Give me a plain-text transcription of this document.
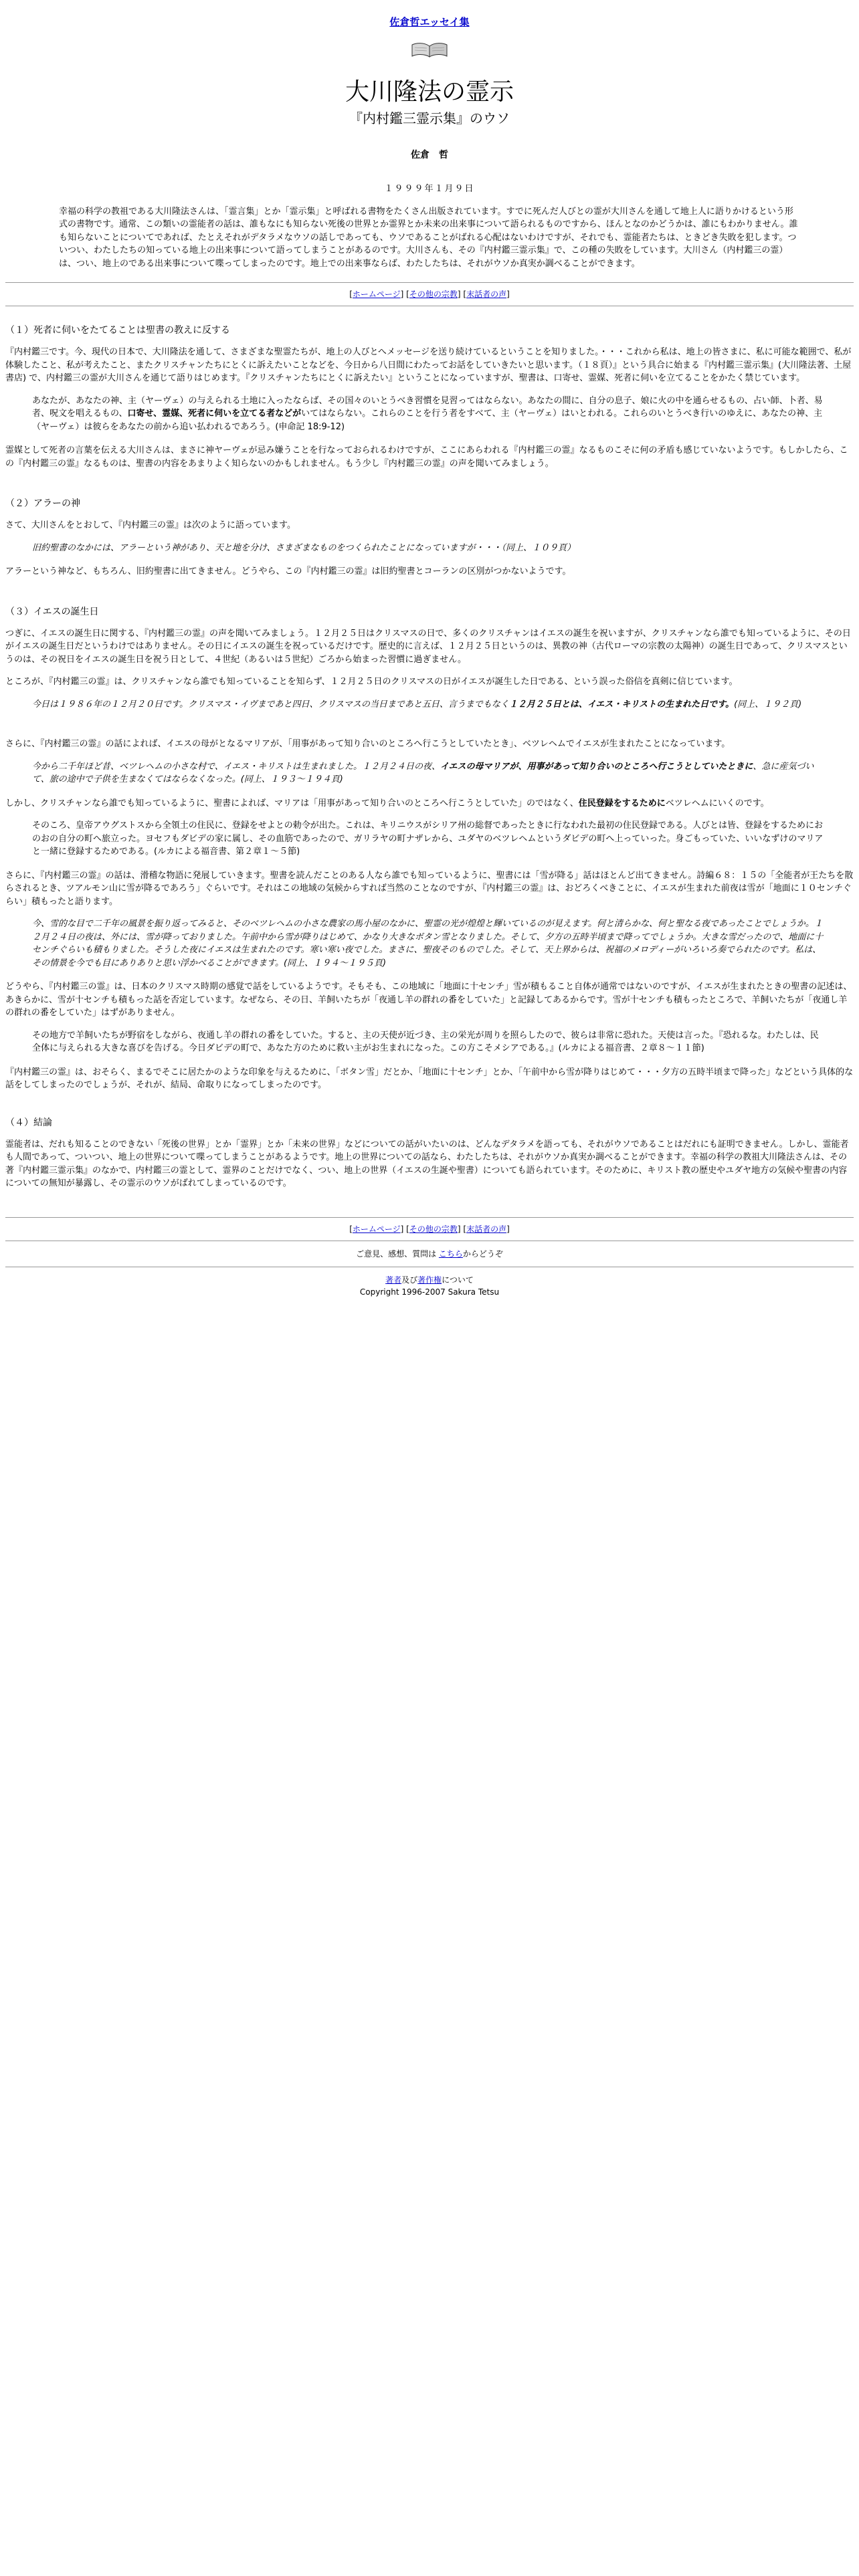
佐倉哲エッセイ集
大川隆法の霊示
『内村鑑三霊示集』のウソ
佐倉　哲
１９９９年１月９日
幸福の科学の教祖である大川隆法さんは、「霊言集」とか「霊示集」と呼ばれる書物をたくさん出版されています。すでに死んだ人びとの霊が大川さんを通して地上人に語りかけるという形式の書物です。通常、この類いの霊能者の話は、誰もなにも知らない死後の世界とか霊界とか未来の出来事について語られるものですから、ほんとなのかどうかは、誰にもわかりません。誰も知らないことについてであれば、たとえそれがデタラメなウソの話しであっても、ウソであることがばれる心配はないわけですが、それでも、霊能者たちは、ときどき失敗を犯します。ついつい、わたしたちの知っている地上の出来事について語ってしまうことがあるのです。大川さんも、その『内村鑑三霊示集』で、この種の失敗をしています。大川さん（内村鑑三の霊）は、つい、地上のである出来事について喋ってしまったのです。地上での出来事ならば、わたしたちは、それがウソか真実か調べることができます。
[ホームページ] [その他の宗教] [末話者の声]
（１）死者に伺いをたてることは聖書の教えに反する

『内村鑑三です。今、現代の日本で、大川隆法を通して、さまざまな聖霊たちが、地上の人びとへメッセージを送り続けているということを知りました。・・・これから私は、地上の皆さまに、私に可能な範囲で、私が体験したこと、私が考えたこと、またクリスチャンたちにとくに訴えたいことなどを、今日から八日間にわたってお話をしていきたいと思います。（１８頁）』という具合に始まる『内村鑑三霊示集』(大川隆法著、土屋書店) で、内村鑑三の霊が大川さんを通じて語りはじめます。『クリスチャンたちにとくに訴えたい』ということになっていますが、聖書は、口寄せ、霊媒、死者に伺いを立てることをかたく禁じています。

あなたが、あなたの神、主（ヤーヴェ）の与えられる土地に入ったならば、その国々のいとうべき習慣を見習ってはならない。あなたの間に、自分の息子、娘に火の中を通らせるもの、占い師、卜者、易者、呪文を唱えるもの、口寄せ、霊媒、死者に伺いを立てる者などがいてはならない。これらのことを行う者をすべて、主（ヤーヴェ）はいとわれる。これらのいとうべき行いのゆえに、あなたの神、主（ヤーヴェ）は彼らをあなたの前から追い払われるであろう。(申命記 18:9-12)

霊媒として死者の言葉を伝える大川さんは、まさに神ヤーヴェが忌み嫌うことを行なっておられるわけですが、ここにあらわれる『内村鑑三の霊』なるものこそに何の矛盾も感じていないようです。もしかしたら、この『内村鑑三の霊』なるものは、聖書の内容をあまりよく知らないのかもしれません。もう少し『内村鑑三の霊』の声を聞いてみましょう。

（２）アラーの神

さて、大川さんをとおして、『内村鑑三の霊』は次のように語っています。

旧約聖書のなかには、アラーという神があり、天と地を分け、さまざまなものをつくられたことになっていますが・・・（同上、１０９頁）

アラーという神など、もちろん、旧約聖書に出てきません。どうやら、この『内村鑑三の霊』は旧約聖書とコーランの区別がつかないようです。

（３）イエスの誕生日

つぎに、イエスの誕生日に関する、『内村鑑三の霊』の声を聞いてみましょう。１２月２５日はクリスマスの日で、多くのクリスチャンはイエスの誕生を祝いますが、クリスチャンなら誰でも知っているように、その日がイエスの誕生日だというわけではありません。その日にイエスの誕生を祝っているだけです。歴史的に言えば、１２月２５日というのは、異教の神（古代ローマの宗教の太陽神）の誕生日であって、クリスマスというのは、その祝日をイエスの誕生日を祝う日として、４世紀（あるいは５世紀）ごろから始まった習慣に過ぎません。

ところが、『内村鑑三の霊』は、クリスチャンなら誰でも知っていることを知らず、１２月２５日のクリスマスの日がイエスが誕生した日である、という誤った俗信を真剣に信じています。

今日は１９８６年の１２月２０日です。クリスマス・イヴまであと四日、クリスマスの当日まであと五日、言うまでもなく１２月２５日とは、イエス・キリストの生まれた日です。(同上、１９２頁)

さらに、『内村鑑三の霊』の話によれば、イエスの母がとなるマリアが、「用事があって知り合いのところへ行こうとしていたとき」、ベツレヘムでイエスが生まれたことになっています。

今から二千年ほど昔、ベツレヘムの小さな村で、イエス・キリストは生まれました。１２月２４日の夜、イエスの母マリアが、用事があって知り合いのところへ行こうとしていたときに、急に産気づいて、旅の途中で子供を生まなくてはならなくなった。(同上、１９３～１９４頁)

しかし、クリスチャンなら誰でも知っているように、聖書によれば、マリアは「用事があって知り合いのところへ行こうとしていた」のではなく、住民登録をするためにベツレヘムにいくのです。

そのころ、皇帝アウグストスから全領土の住民に、登録をせよとの勅令が出た。これは、キリニウスがシリア州の総督であったときに行なわれた最初の住民登録である。人びとは皆、登録をするためにおのおの自分の町へ旅立った。ヨセフもダビデの家に属し、その血筋であったので、ガリラヤの町ナザレから、ユダヤのベツレヘムというダビデの町へ上っていった。身ごもっていた、いいなずけのマリアと一緒に登録するためである。(ルカによる福音書、第２章１～５節)

さらに、『内村鑑三の霊』の話は、滑稽な物語に発展していきます。聖書を読んだことのある人なら誰でも知っているように、聖書には「雪が降る」話はほとんど出てきません。詩編６８：１５の「全能者が王たちを散らされるとき、ツアルモン山に雪が降るであろう」ぐらいです。それはこの地域の気候からすれば当然のことなのですが、『内村鑑三の霊』は、おどろくべきことに、イエスが生まれた前夜は雪が「地面に１０センチぐらい」積もったと語ります。

今、雪的な目で二千年の風景を振り返ってみると、そのベツレヘムの小さな農家の馬小屋のなかに、聖霊の光が煌煌と輝いているのが見えます。何と清らかな、何と聖なる夜であったことでしょうか。１２月２４日の夜は、外には、雪が降っておりました。午前中から雪が降りはじめて、かなり大きなボタン雪となりました。そして、夕方の五時半頃まで降ってでしょうか。大きな雪だったので、地面に十センチぐらいも積もりました。そうした夜にイエスは生まれたのです。寒い寒い夜でした。まさに、聖夜そのものでした。そして、天上界からは、祝福のメロディーがいろいろ奏でられたのです。私は、その情景を今でも目にありありと思い浮かべることができます。(同上、１９４～１９５頁)

どうやら、『内村鑑三の霊』は、日本のクリスマス時期の感覚で話をしているようです。そもそも、この地域に「地面に十センチ」雪が積もること自体が通常ではないのですが、イエスが生まれたときの聖書の記述は、あきらかに、雪が十センチも積もった話を否定しています。なぜなら、その日、羊飼いたちが「夜通し羊の群れの番をしていた」と記録してあるからです。雪が十センチも積もったところで、羊飼いたちが「夜通し羊の群れの番をしていた」はずがありません。

その地方で羊飼いたちが野宿をしながら、夜通し羊の群れの番をしていた。すると、主の天使が近づき、主の栄光が周りを照らしたので、彼らは非常に恐れた。天使は言った。『恐れるな。わたしは、民全体に与えられる大きな喜びを告げる。今日ダビデの町で、あなた方のために救い主がお生まれになった。この方こそメシアである。』(ルカによる福音書、２章８～１１節)

『内村鑑三の霊』は、おそらく、まるでそこに居たかのような印象を与えるために、「ボタン雪」だとか、「地面に十センチ」とか、「午前中から雪が降りはじめて・・・夕方の五時半頃まで降った」などという具体的な話をしてしまったのでしょうが、それが、結局、命取りになってしまったのです。

（４）結論

霊能者は、だれも知ることのできない「死後の世界」とか「霊界」とか「未来の世界」などについての話がいたいのは、どんなデタラメを語っても、それがウソであることはだれにも証明できません。しかし、霊能者も人間であって、ついつい、地上の世界について喋ってしまうことがあるようです。地上の世界についての話なら、わたしたちは、それがウソか真実か調べることができます。幸福の科学の教祖大川隆法さんは、その著『内村鑑三霊示集』のなかで、内村鑑三の霊として、霊界のことだけでなく、つい、地上の世界（イエスの生誕や聖書）についても語られています。そのために、キリスト教の歴史やユダヤ地方の気候や聖書の内容についての無知が暴露し、その霊示のウソがばれてしまっているのです。

[ホームページ] [その他の宗教] [末話者の声]
ご意見、感想、質問は こちらからどうぞ
著者及び著作権について
Copyright 1996-2007 Sakura Tetsu
